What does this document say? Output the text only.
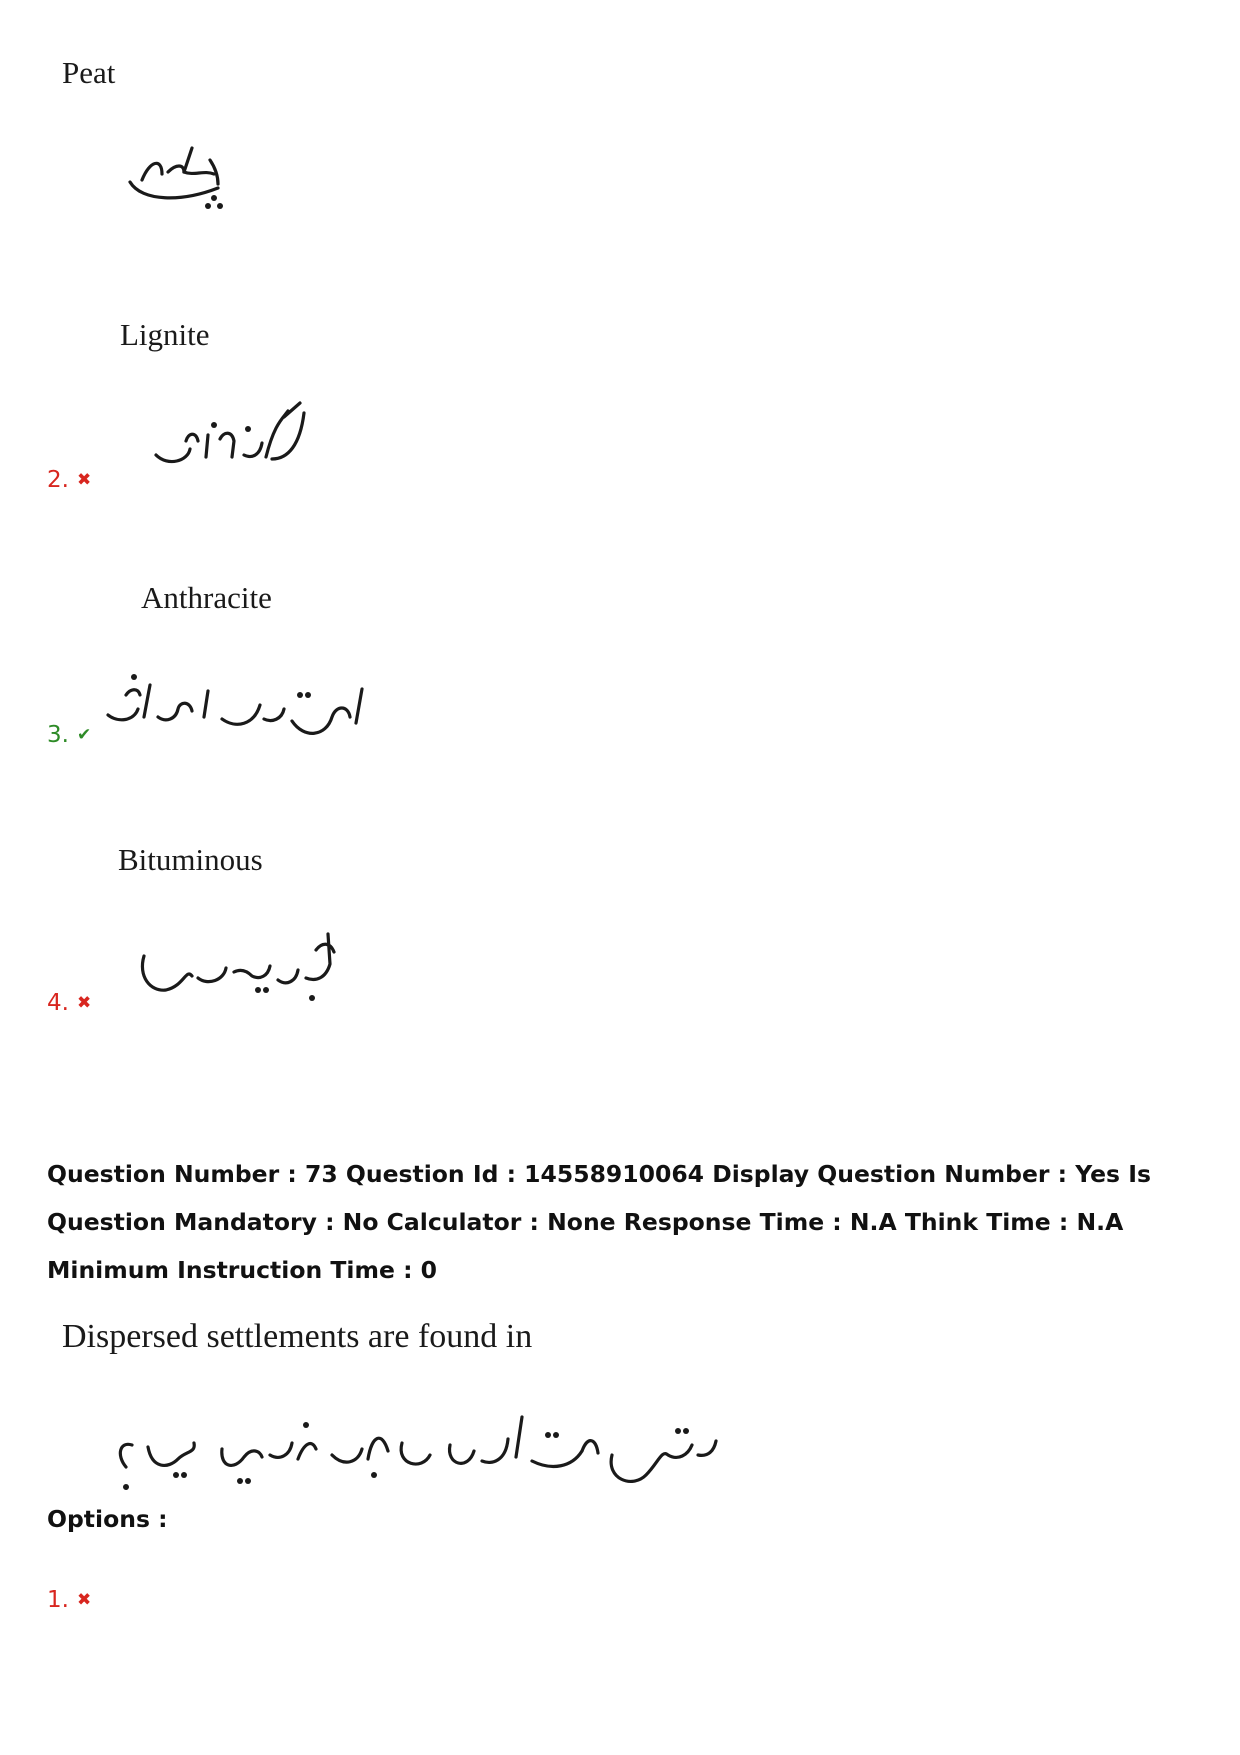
Peat
Lignite
2. ✖
Anthracite
3. ✔
Bituminous
4. ✖
Question Number : 73 Question Id : 14558910064 Display Question Number : Yes Is Question Mandatory : No Calculator : None Response Time : N.A Think Time : N.A Minimum Instruction Time : 0
Dispersed settlements are found in
Options :
1. ✖
